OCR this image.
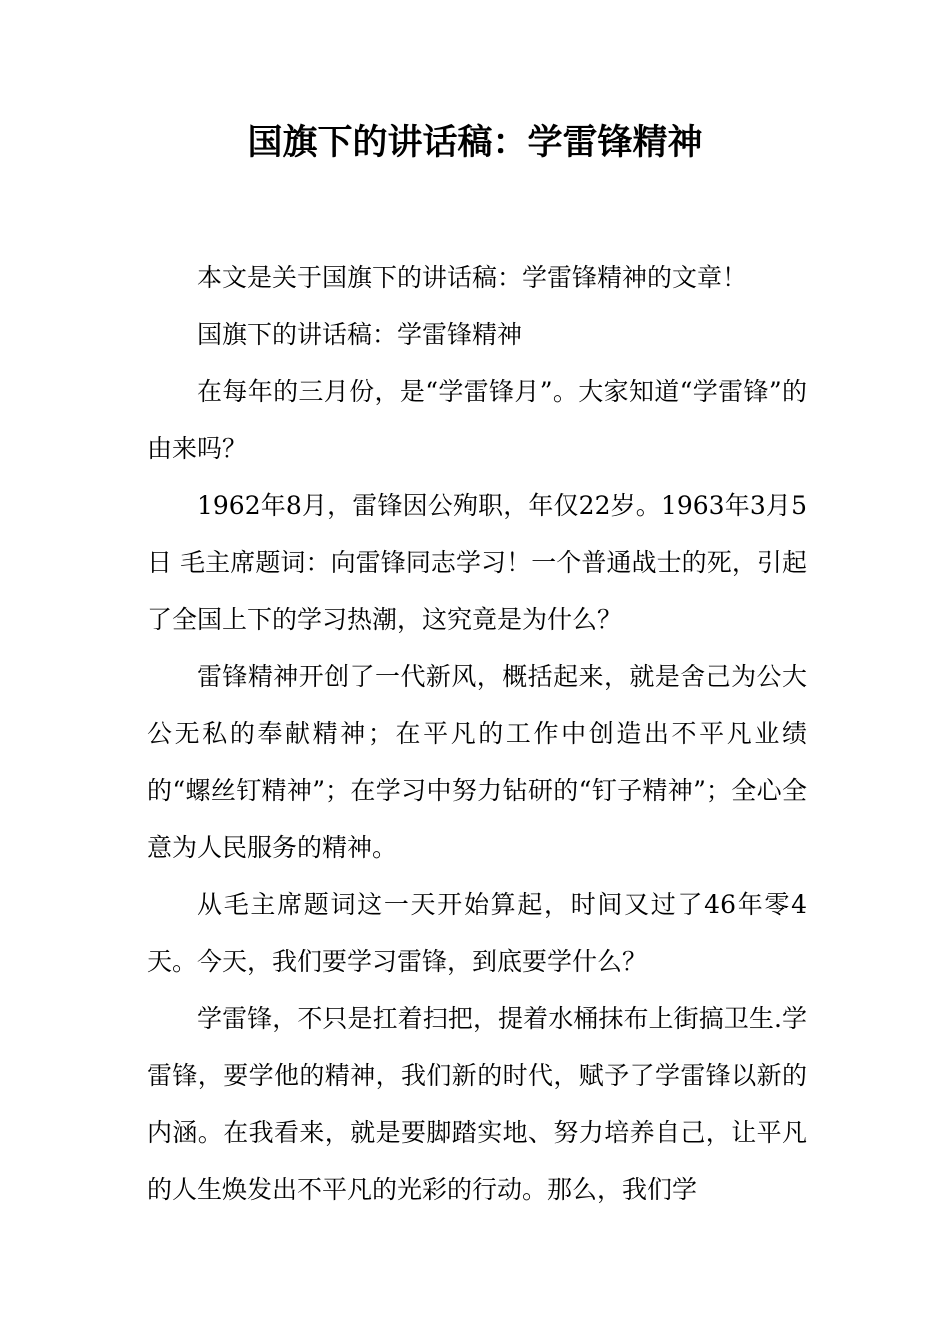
国旗下的讲话稿：学雷锋精神

本文是关于国旗下的讲话稿：学雷锋精神的文章！

国旗下的讲话稿：学雷锋精神

在每年的三月份，是“学雷锋月”。大家知道“学雷锋”的由来吗？

1962年8月，雷锋因公殉职，年仅22岁。1963年3月5日 毛主席题词：向雷锋同志学习！一个普通战士的死，引起了全国上下的学习热潮，这究竟是为什么？

雷锋精神开创了一代新风，概括起来，就是舍己为公大公无私的奉献精神；在平凡的工作中创造出不平凡业绩的“螺丝钉精神”；在学习中努力钻研的“钉子精神”；全心全意为人民服务的精神。

从毛主席题词这一天开始算起，时间又过了46年零4天。今天，我们要学习雷锋，到底要学什么？

学雷锋，不只是扛着扫把，提着水桶抹布上街搞卫生.学雷锋，要学他的精神，我们新的时代，赋予了学雷锋以新的内涵。在我看来，就是要脚踏实地、努力培养自己，让平凡的人生焕发出不平凡的光彩的行动。那么，我们学
